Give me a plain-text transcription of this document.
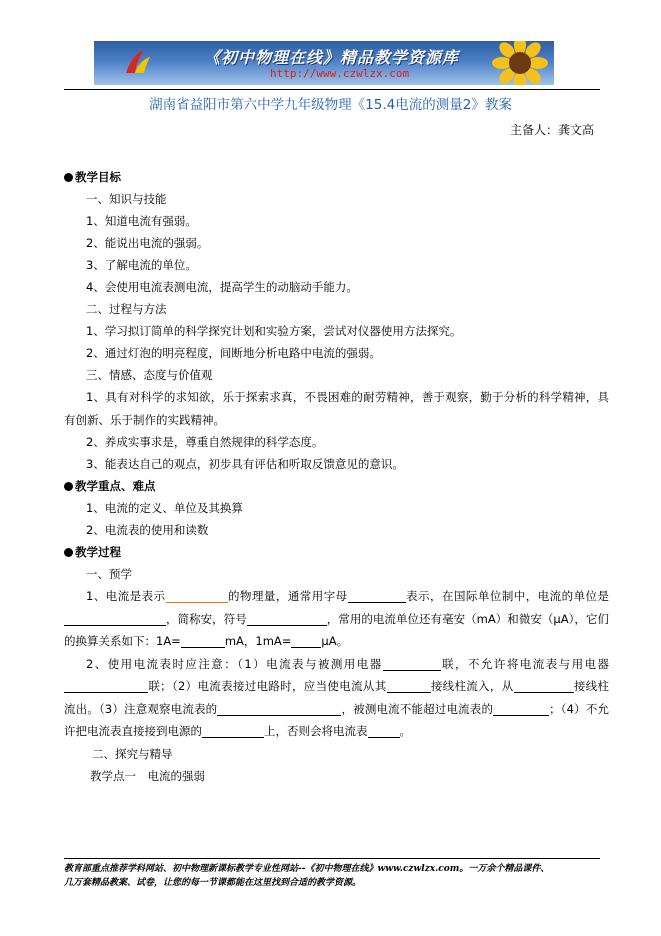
《初中物理在线》精品教学资源库
http://www.czwlzx.com
湖南省益阳市第六中学九年级物理《15.4电流的测量2》教案
主备人：龚文高
教学目标
一、知识与技能
1、知道电流有强弱。
2、能说出电流的强弱。
3、了解电流的单位。
4、会使用电流表测电流，提高学生的动脑动手能力。
二、过程与方法
1、学习拟订简单的科学探究计划和实验方案，尝试对仪器使用方法探究。
2、通过灯泡的明亮程度，间断地分析电路中电流的强弱。
三、情感、态度与价值观
1、具有对科学的求知欲，乐于探索求真，不畏困难的耐劳精神，善于观察，勤于分析的科学精神，具有创新、乐于制作的实践精神。
2、养成实事求是，尊重自然规律的科学态度。
3、能表达自己的观点，初步具有评估和听取反馈意见的意识。
教学重点、难点
1、电流的定义、单位及其换算
2、电流表的使用和读数
教学过程
一、预学
1、电流是表示	的物理量，通常用字母	表示，在国际单位制中，电流的单位是，简称安，符号	，常用的电流单位还有毫安（mA）和微安（μA），它们的换算关系如下：1A=	mA，1mA=	μA。
2、使用电流表时应注意：（1）电流表与被测用电器	联，不允许将电流表与用电器联；（2）电流表接过电路时，应当使电流从其	接线柱流入，从	接线柱流出。（3）注意观察电流表的	，被测电流不能超过电流表的	；（4）不允许把电流表直接接到电源的	上，否则会将电流表	。
二、探究与精导
教学点一　电流的强弱
教育部重点推荐学科网站、初中物理新课标教学专业性网站--《初中物理在线》www.czwlzx.com。一万余个精品课件、
几万套精品教案、试卷，让您的每一节课都能在这里找到合适的教学资源。
